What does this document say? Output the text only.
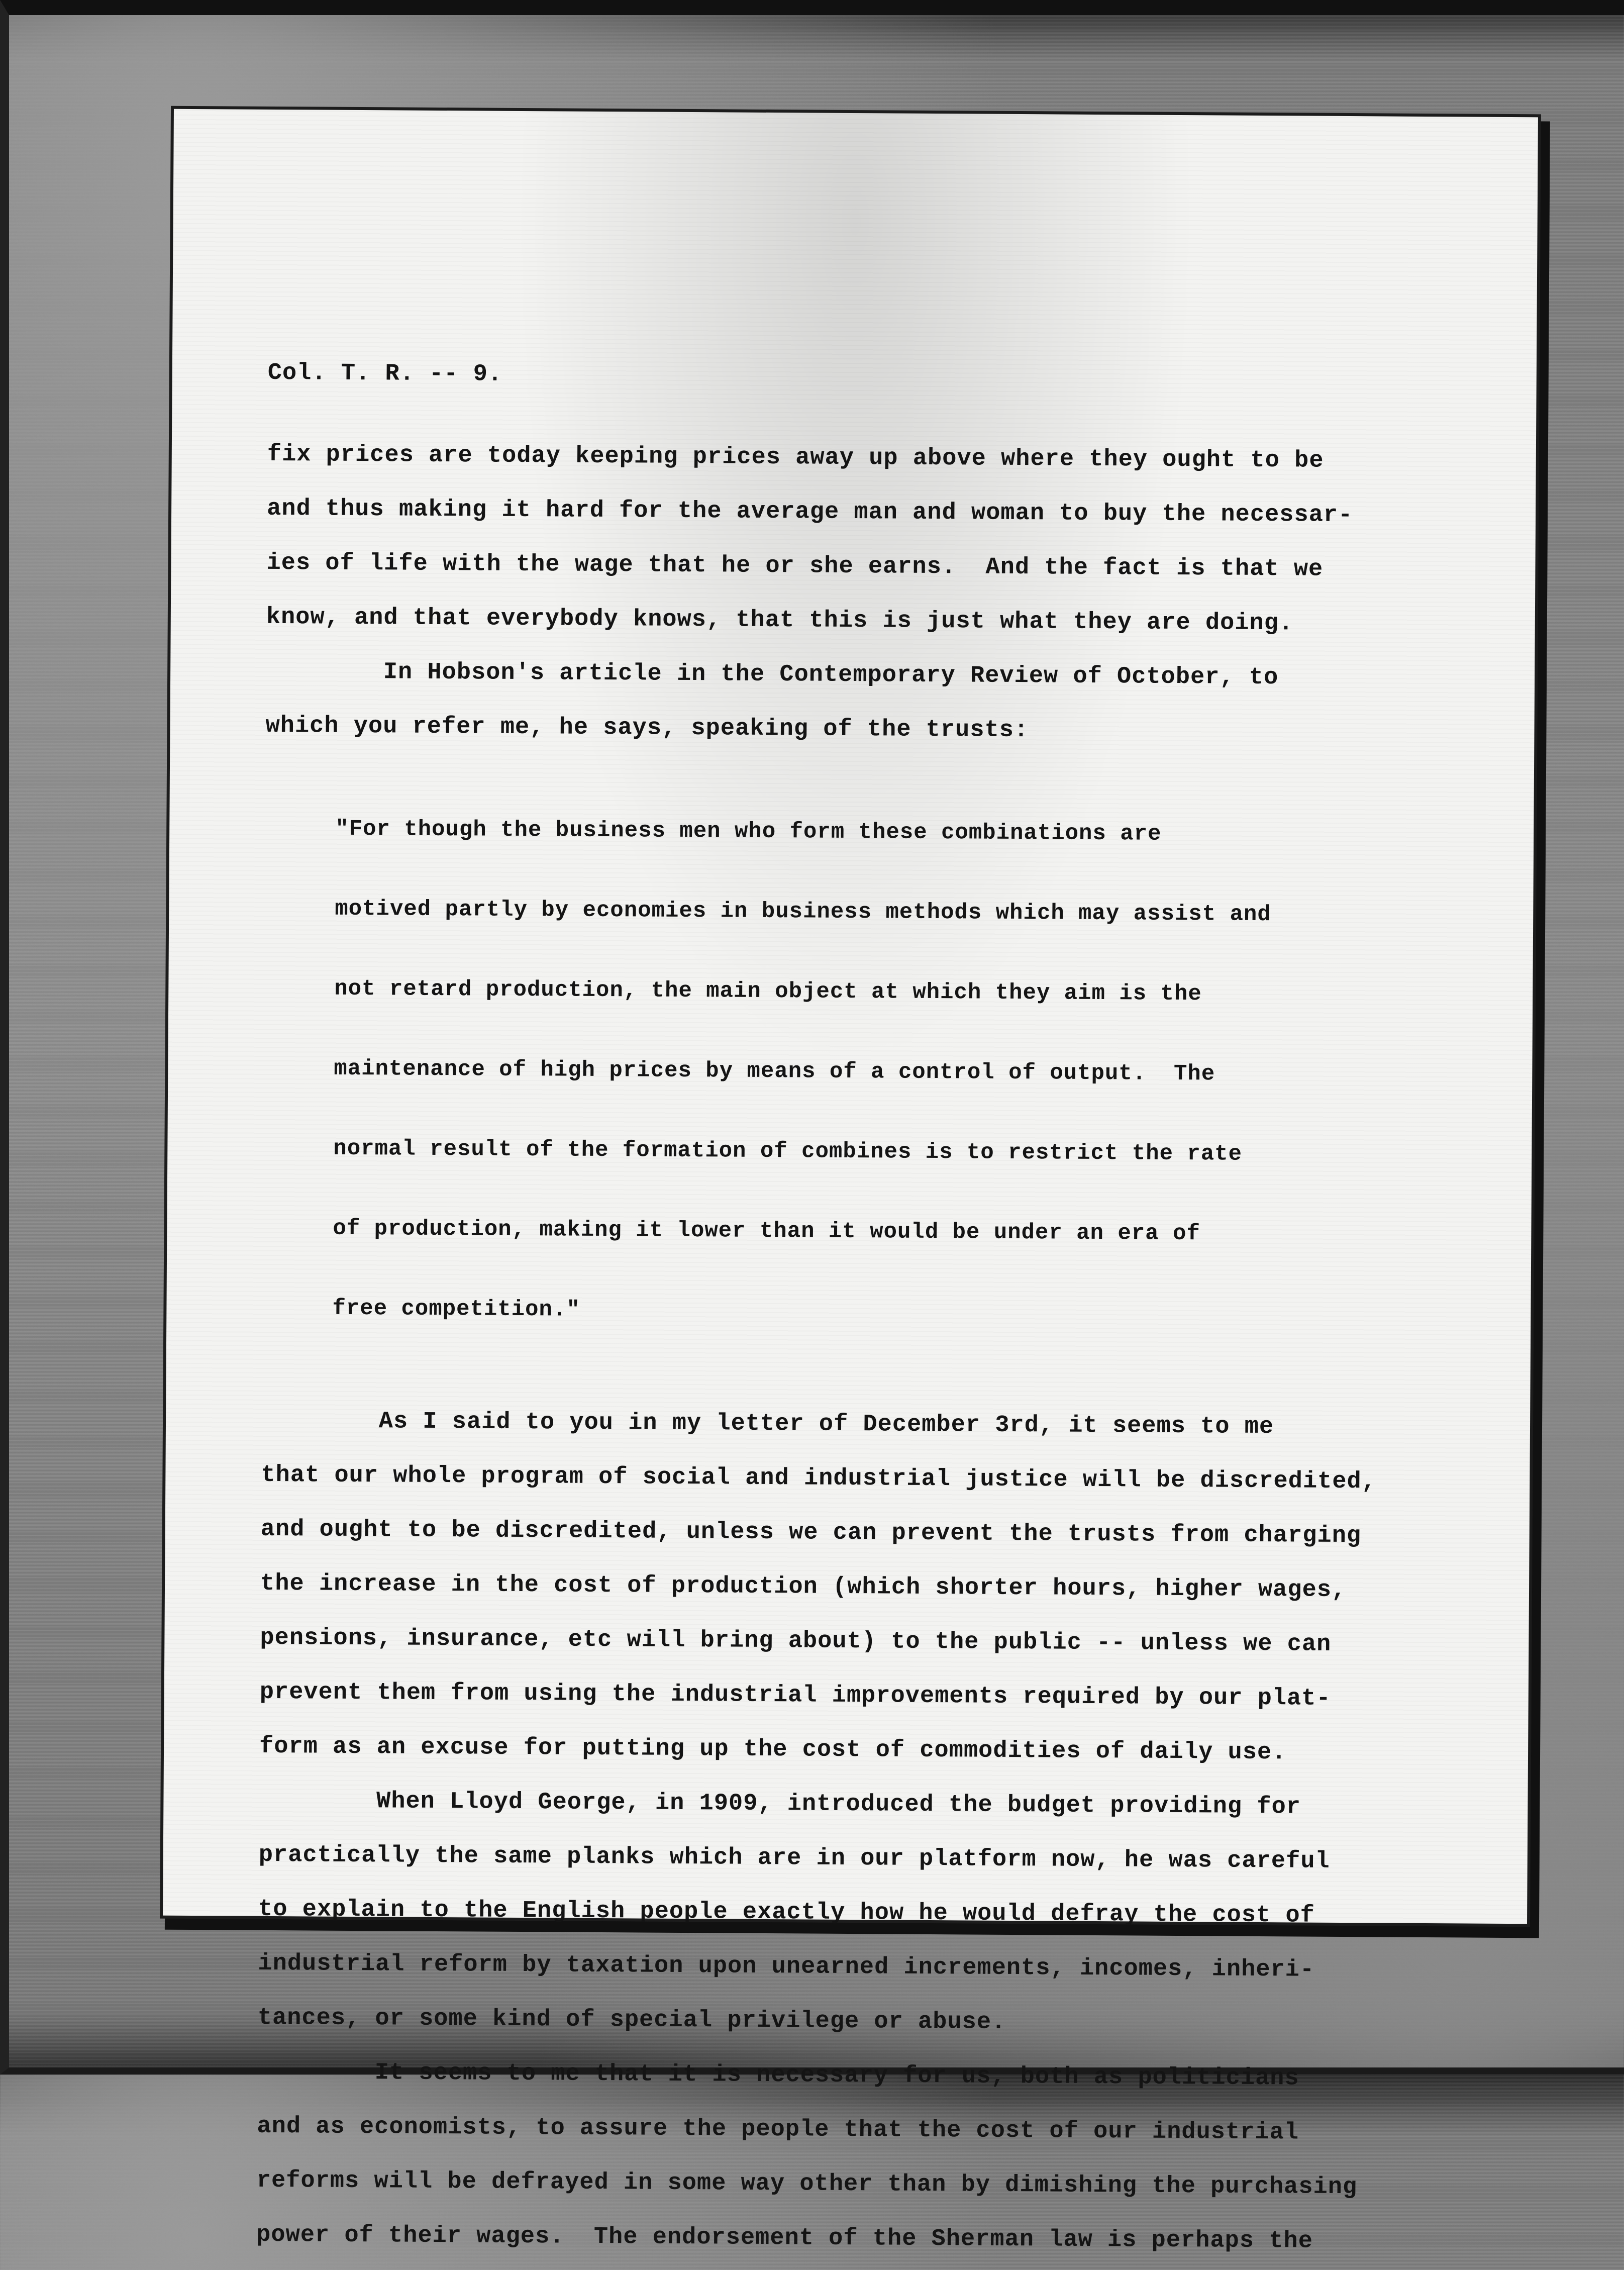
Col. T. R. -- 9.

fix prices are today keeping prices away up above where they ought to be

and thus making it hard for the average man and woman to buy the necessar-

ies of life with the wage that he or she earns.  And the fact is that we

know, and that everybody knows, that this is just what they are doing.

In Hobson's article in the Contemporary Review of October, to

which you refer me, he says, speaking of the trusts:

"For though the business men who form these combinations are

motived partly by economies in business methods which may assist and

not retard production, the main object at which they aim is the

maintenance of high prices by means of a control of output.  The

normal result of the formation of combines is to restrict the rate

of production, making it lower than it would be under an era of

free competition."

As I said to you in my letter of December 3rd, it seems to me

that our whole program of social and industrial justice will be discredited,

and ought to be discredited, unless we can prevent the trusts from charging

the increase in the cost of production (which shorter hours, higher wages,

pensions, insurance, etc will bring about) to the public -- unless we can

prevent them from using the industrial improvements required by our plat-

form as an excuse for putting up the cost of commodities of daily use.

When Lloyd George, in 1909, introduced the budget providing for

practically the same planks which are in our platform now, he was careful

to explain to the English people exactly how he would defray the cost of

industrial reform by taxation upon unearned increments, incomes, inheri-

tances, or some kind of special privilege or abuse.

It seems to me that it is necessary for us, both as politicians

and as economists, to assure the people that the cost of our industrial

reforms will be defrayed in some way other than by dimishing the purchasing

power of their wages.  The endorsement of the Sherman law is perhaps the
